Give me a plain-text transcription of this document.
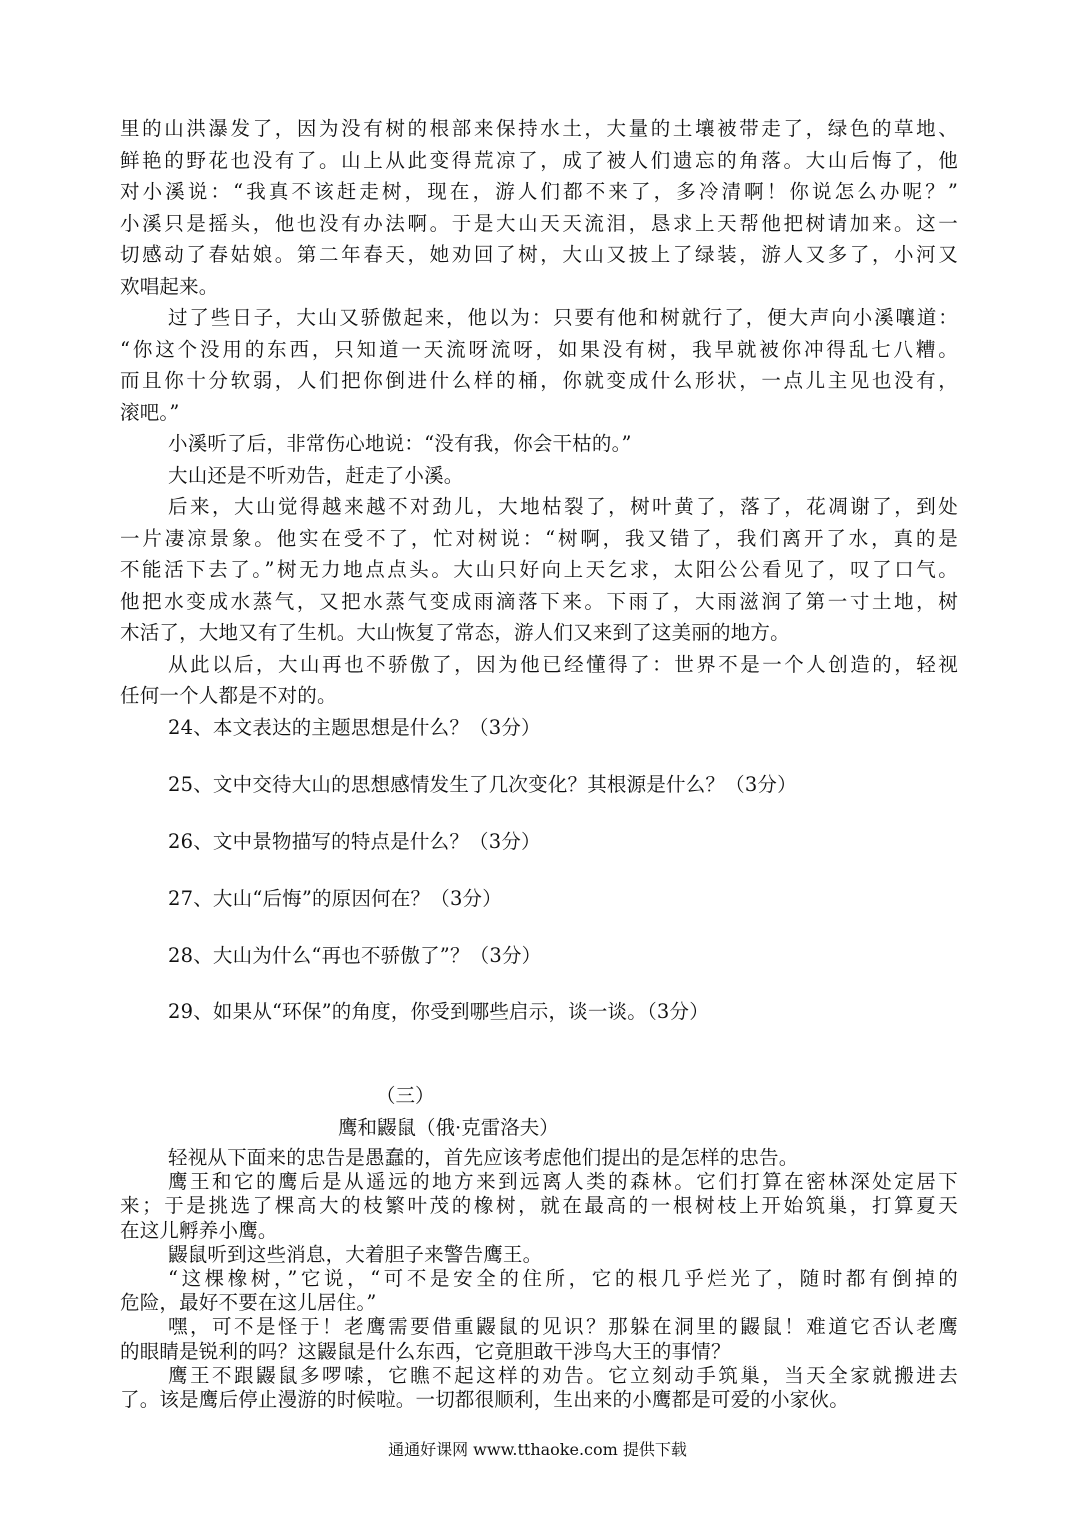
里的山洪瀑发了，因为没有树的根部来保持水土，大量的土壤被带走了，绿色的草地、
鲜艳的野花也没有了。山上从此变得荒凉了，成了被人们遗忘的角落。大山后悔了，他
对小溪说：“我真不该赶走树，现在，游人们都不来了，多冷清啊！你说怎么办呢？”
小溪只是摇头，他也没有办法啊。于是大山天天流泪，恳求上天帮他把树请加来。这一
切感动了春姑娘。第二年春天，她劝回了树，大山又披上了绿装，游人又多了，小河又
欢唱起来。
过了些日子，大山又骄傲起来，他以为：只要有他和树就行了，便大声向小溪嚷道：
“你这个没用的东西，只知道一天流呀流呀，如果没有树，我早就被你冲得乱七八糟。
而且你十分软弱，人们把你倒进什么样的桶，你就变成什么形状，一点儿主见也没有，
滚吧。”
小溪听了后，非常伤心地说：“没有我，你会干枯的。”
大山还是不听劝告，赶走了小溪。
后来，大山觉得越来越不对劲儿，大地枯裂了，树叶黄了，落了，花凋谢了，到处
一片凄凉景象。他实在受不了，忙对树说：“树啊，我又错了，我们离开了水，真的是
不能活下去了。”树无力地点点头。大山只好向上天乞求，太阳公公看见了，叹了口气。
他把水变成水蒸气，又把水蒸气变成雨滴落下来。下雨了，大雨滋润了第一寸土地，树
木活了，大地又有了生机。大山恢复了常态，游人们又来到了这美丽的地方。
从此以后，大山再也不骄傲了，因为他已经懂得了：世界不是一个人创造的，轻视
任何一个人都是不对的。
24、本文表达的主题思想是什么？（3分）
25、文中交待大山的思想感情发生了几次变化？其根源是什么？（3分）
26、文中景物描写的特点是什么？（3分）
27、大山“后悔”的原因何在？（3分）
28、大山为什么“再也不骄傲了”？（3分）
29、如果从“环保”的角度，你受到哪些启示，谈一谈。（3分）
（三）
鹰和鼹鼠（俄·克雷洛夫）
轻视从下面来的忠告是愚蠢的，首先应该考虑他们提出的是怎样的忠告。
鹰王和它的鹰后是从遥远的地方来到远离人类的森林。它们打算在密林深处定居下
来；于是挑选了棵高大的枝繁叶茂的橡树，就在最高的一根树枝上开始筑巢，打算夏天
在这儿孵养小鹰。
鼹鼠听到这些消息，大着胆子来警告鹰王。
“这棵橡树，”它说，“可不是安全的住所，它的根几乎烂光了，随时都有倒掉的
危险，最好不要在这儿居住。”
嘿，可不是怪于！老鹰需要借重鼹鼠的见识？那躲在洞里的鼹鼠！难道它否认老鹰
的眼睛是锐利的吗？这鼹鼠是什么东西，它竟胆敢干涉鸟大王的事情？
鹰王不跟鼹鼠多啰嗦，它瞧不起这样的劝告。它立刻动手筑巢，当天全家就搬进去
了。该是鹰后停止漫游的时候啦。一切都很顺利，生出来的小鹰都是可爱的小家伙。
通通好课网 www.tthaoke.com 提供下载
